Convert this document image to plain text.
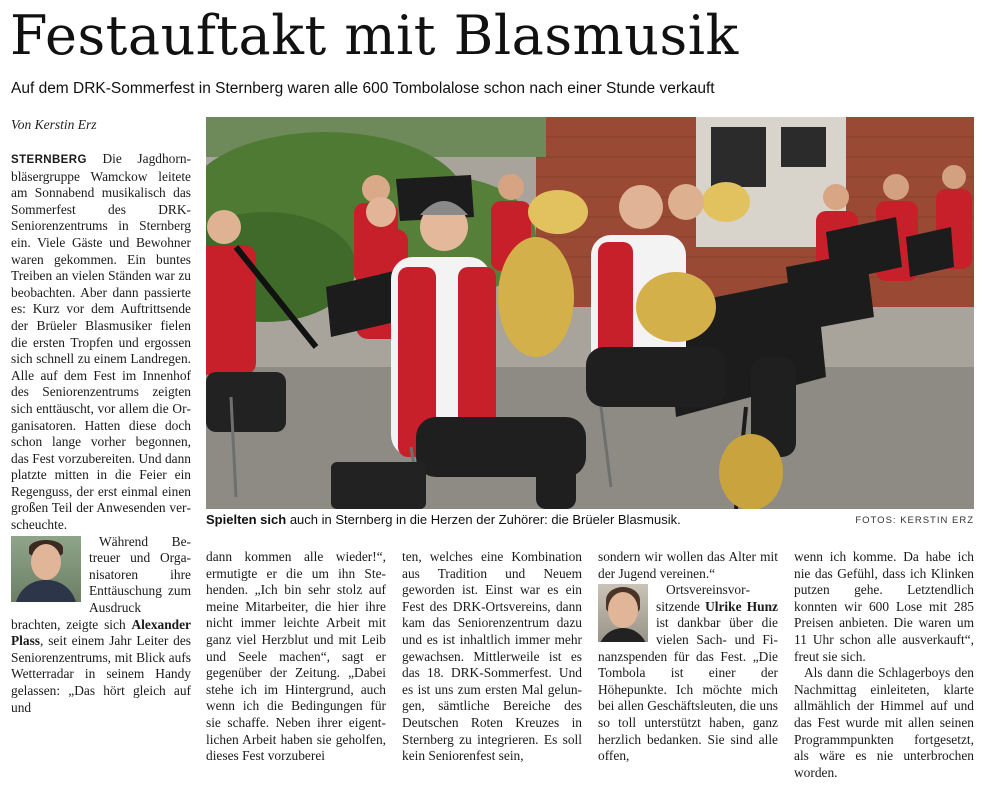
Festauftakt mit Blasmusik
Auf dem DRK-Sommerfest in Sternberg waren alle 600 Tombolalose schon nach einer Stunde verkauft
Von Kerstin Erz
Spielten sich auch in Sternberg in die Herzen der Zuhörer: die Brüeler Blasmusik.	FOTOS: KERSTIN ERZ

STERNBERG Die Jagdhornbläsergruppe Wamckow leitete am Sonnabend musikalisch das Sommerfest des DRK-Seniorenzentrums in Sternberg ein. Viele Gäste und Bewohner waren gekommen. Ein buntes Treiben an vielen Ständen war zu beobachten. Aber dann passierte es: Kurz vor dem Auftrittsende der Brüeler Blasmusiker fielen die ersten Tropfen und ergossen sich schnell zu einem Landregen. Alle auf dem Fest im Innenhof des Seniorenzentrums zeigten sich enttäuscht, vor allem die Organisatoren. Hatten diese doch schon lange vorher begonnen, das Fest vorzubereiten. Und dann platzte mitten in die Feier ein Regenguss, der erst einmal einen großen Teil der Anwesenden verscheuchte.

Während Betreuer und Organisatoren ihre Enttäuschung zum Ausdruck brachten, zeigte sich Alexander Plass, seit einem Jahr Leiter des Seniorenzentrums, mit Blick aufs Wetterradar in seinem Handy gelassen: „Das hört gleich auf und

dann kommen alle wieder!“, ermutigte er die um ihn Stehenden. „Ich bin sehr stolz auf meine Mitarbeiter, die hier ihre nicht immer leichte Arbeit mit ganz viel Herzblut und mit Leib und Seele machen“, sagt er gegenüber der Zeitung. „Dabei stehe ich im Hintergrund, auch wenn ich die Bedingungen für sie schaffe. Neben ihrer eigentlichen Arbeit haben sie geholfen, dieses Fest vorzuberei

ten, welches eine Kombination aus Tradition und Neuem geworden ist. Einst war es ein Fest des DRK-Ortsvereins, dann kam das Seniorenzentrum dazu und es ist inhaltlich immer mehr gewachsen. Mittlerweile ist es das 18. DRK-Sommerfest. Und es ist uns zum ersten Mal gelungen, sämtliche Bereiche des Deutschen Roten Kreuzes in Sternberg zu integrieren. Es soll kein Seniorenfest sein,

sondern wir wollen das Alter mit der Jugend vereinen.“

Ortsvereinsvorsitzende Ulrike Hunz ist dankbar über die vielen Sach- und Finanzspenden für das Fest. „Die Tombola ist einer der Höhepunkte. Ich möchte mich bei allen Geschäftsleuten, die uns so toll unterstützt haben, ganz herzlich bedanken. Sie sind alle offen,

wenn ich komme. Da habe ich nie das Gefühl, dass ich Klinken putzen gehe. Letztendlich konnten wir 600 Lose mit 285 Preisen anbieten. Die waren um 11 Uhr schon alle ausverkauft“, freut sie sich.

Als dann die Schlagerboys den Nachmittag einleiteten, klarte allmählich der Himmel auf und das Fest wurde mit allen seinen Programmpunkten fortgesetzt, als wäre es nie unterbrochen worden.
